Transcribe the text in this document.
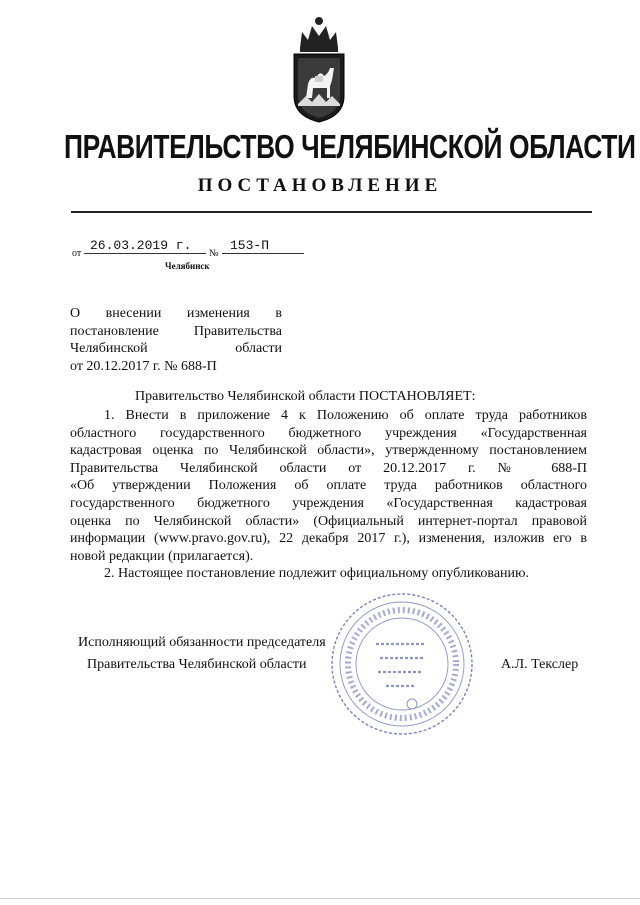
ПРАВИТЕЛЬСТВО ЧЕЛЯБИНСКОЙ ОБЛАСТИ
ПОСТАНОВЛЕНИЕ
от
26.03.2019 г.
№
153-П
Челябинск
О внесении изменения в
постановление	Правительства
Челябинской	области
от 20.12.2017 г. № 688-П
Правительство Челябинской области ПОСТАНОВЛЯЕТ:

1. Внести в приложение 4 к Положению об оплате труда работников

областного государственного бюджетного учреждения «Государственная

кадастровая оценка по Челябинской области», утвержденному постановлением

Правительства Челябинской области от 20.12.2017 г. № 688-П

«Об утверждении Положения об оплате труда работников областного

государственного бюджетного учреждения «Государственная кадастровая

оценка по Челябинской области» (Официальный интернет-портал правовой

информации (www.pravo.gov.ru), 22 декабря 2017 г.), изменения, изложив его в

новой редакции (прилагается).

2. Настоящее постановление подлежит официальному опубликованию.

Исполняющий обязанности председателя
Правительства Челябинской области	А.Л. Текслер
